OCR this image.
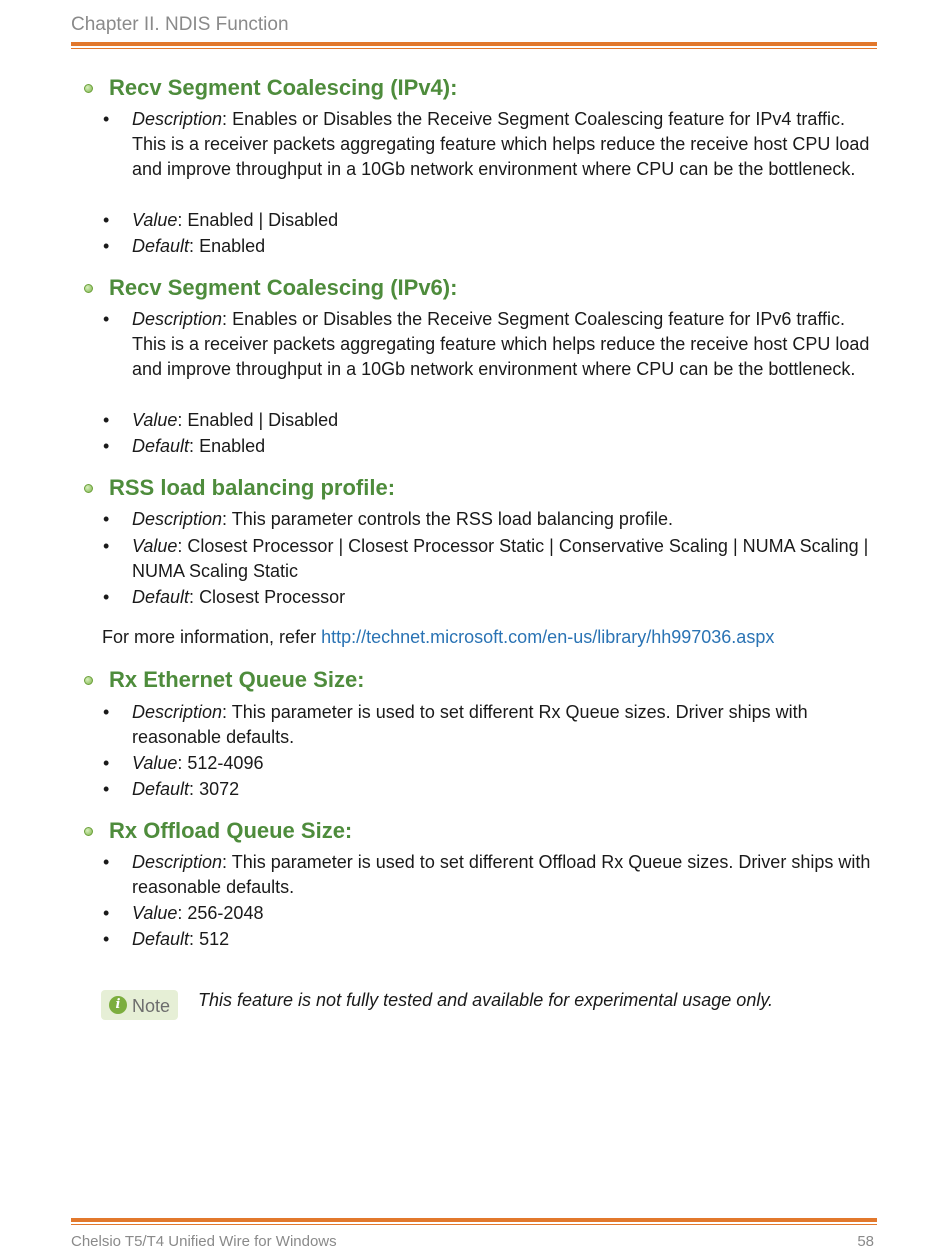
Chapter II. NDIS Function
Recv Segment Coalescing (IPv4):
• Description: Enables or Disables the Receive Segment Coalescing feature for IPv4 traffic. This is a receiver packets aggregating feature which helps reduce the receive host CPU load and improve throughput in a 10Gb network environment where CPU can be the bottleneck.
• Value: Enabled | Disabled
• Default: Enabled
Recv Segment Coalescing (IPv6):
• Description: Enables or Disables the Receive Segment Coalescing feature for IPv6 traffic. This is a receiver packets aggregating feature which helps reduce the receive host CPU load and improve throughput in a 10Gb network environment where CPU can be the bottleneck.
• Value: Enabled | Disabled
• Default: Enabled
RSS load balancing profile:
• Description: This parameter controls the RSS load balancing profile.
• Value: Closest Processor | Closest Processor Static | Conservative Scaling | NUMA Scaling | NUMA Scaling Static
• Default: Closest Processor
For more information, refer http://technet.microsoft.com/en-us/library/hh997036.aspx
Rx Ethernet Queue Size:
• Description: This parameter is used to set different Rx Queue sizes. Driver ships with reasonable defaults.
• Value: 512-4096
• Default: 3072
Rx Offload Queue Size:
• Description: This parameter is used to set different Offload Rx Queue sizes. Driver ships with reasonable defaults.
• Value: 256-2048
• Default: 512
i Note This feature is not fully tested and available for experimental usage only.
Chelsio T5/T4 Unified Wire for Windows	58
